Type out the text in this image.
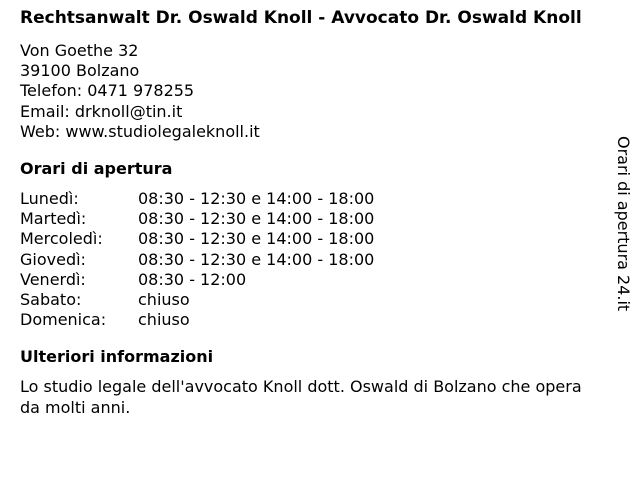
Rechtsanwalt Dr. Oswald Knoll - Avvocato Dr. Oswald Knoll
Von Goethe 32
39100 Bolzano
Telefon: 0471 978255
Email: drknoll@tin.it
Web: www.studiolegaleknoll.it
Orari di apertura
Lunedì:	08:30 - 12:30 e 14:00 - 18:00
Martedì:	08:30 - 12:30 e 14:00 - 18:00
Mercoledì:	08:30 - 12:30 e 14:00 - 18:00
Giovedì:	08:30 - 12:30 e 14:00 - 18:00
Venerdì:	08:30 - 12:00
Sabato:	chiuso
Domenica:	chiuso
Ulteriori informazioni
Lo studio legale dell'avvocato Knoll dott. Oswald di Bolzano che opera da molti anni.
Orari di apertura 24.it
